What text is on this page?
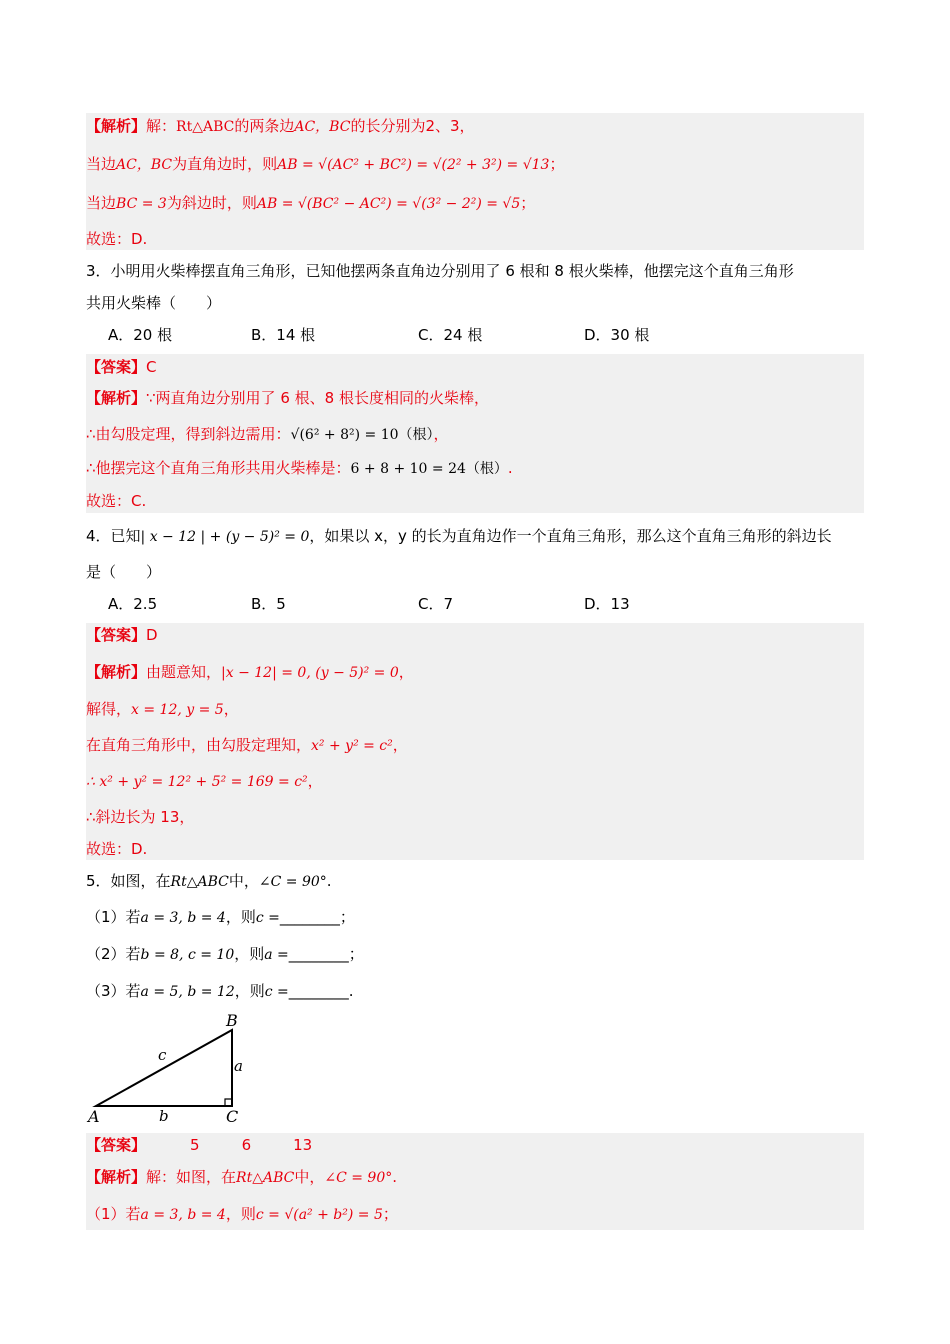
【解析】解：Rt△ABC的两条边AC，BC的长分别为2、3，
当边AC，BC为直角边时，则AB = √(AC² + BC²) = √(2² + 3²) = √13；
当边BC = 3为斜边时，则AB = √(BC² − AC²) = √(3² − 2²) = √5；
故选：D.
3．小明用火柴棒摆直角三角形，已知他摆两条直角边分别用了 6 根和 8 根火柴棒，他摆完这个直角三角形
共用火柴棒（　　）
A．20 根	B．14 根	C．24 根	D．30 根
【答案】C
【解析】∵两直角边分别用了 6 根、8 根长度相同的火柴棒，
∴由勾股定理，得到斜边需用：√(6² + 8²) = 10（根），
∴他摆完这个直角三角形共用火柴棒是：6 + 8 + 10 = 24（根）.
故选：C.
4．已知| x − 12 | + (y − 5)² = 0，如果以 x，y 的长为直角边作一个直角三角形，那么这个直角三角形的斜边长
是（　　）
A．2.5	B．5	C．7	D．13
【答案】D
【解析】由题意知，|x − 12| = 0, (y − 5)² = 0，
解得，x = 12, y = 5，
在直角三角形中，由勾股定理知，x² + y² = c²，
∴ x² + y² = 12² + 5² = 169 = c²，
∴斜边长为 13，
故选：D.
5．如图，在Rt△ABC中，∠C = 90°.
（1）若a = 3, b = 4，则c =________；
（2）若b = 8, c = 10，则a =________；
（3）若a = 5, b = 12，则c =________.
B
A	C
a
b
c
【答案】	5	6	13
【解析】解：如图，在Rt△ABC中，∠C = 90°.
（1）若a = 3, b = 4，则c = √(a² + b²) = 5；
